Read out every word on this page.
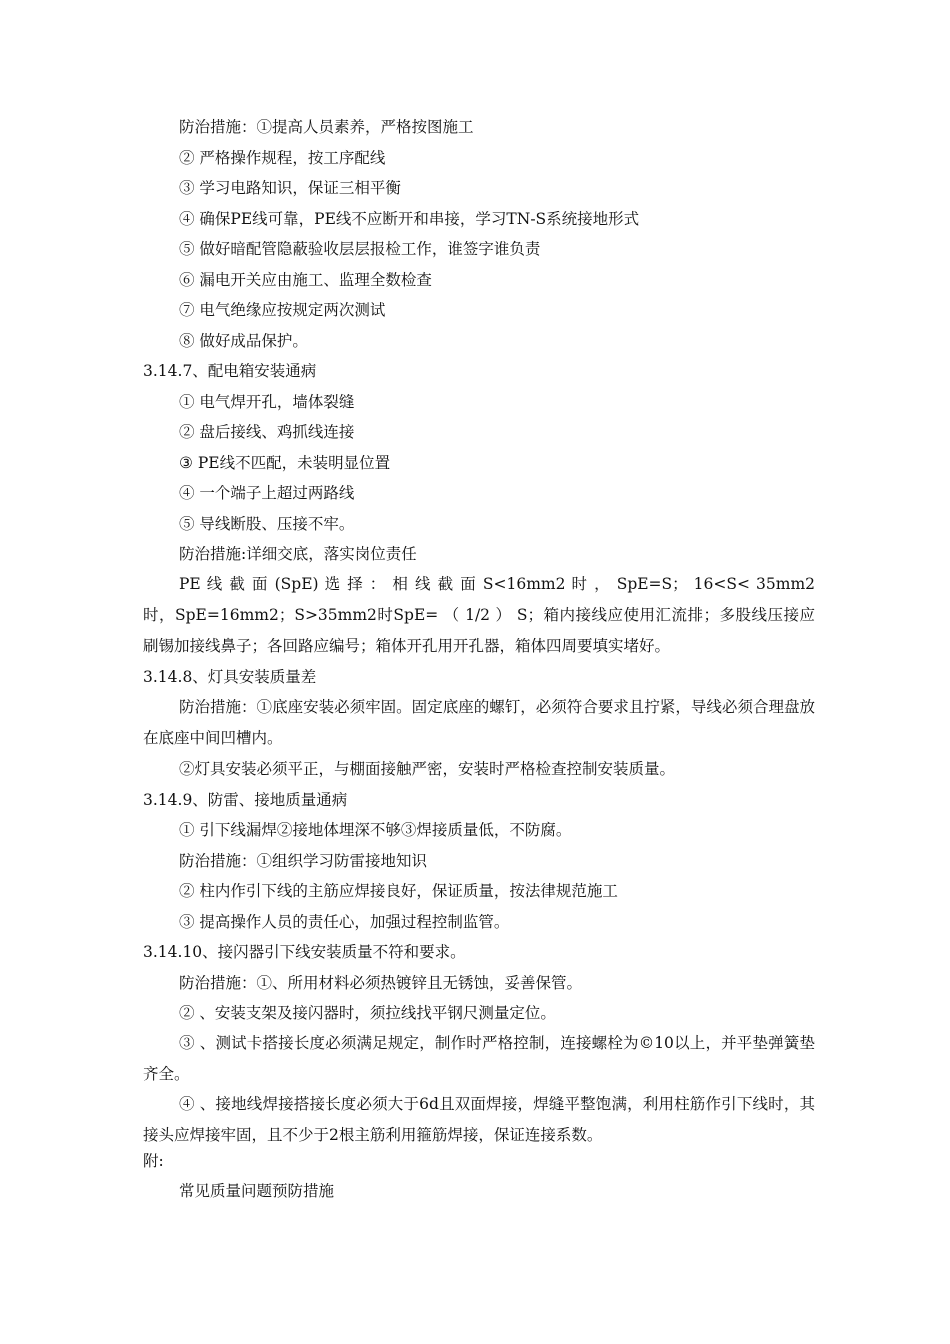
防治措施：①提高人员素养，严格按图施工
② 严格操作规程，按工序配线
③ 学习电路知识，保证三相平衡
④ 确保PE线可靠，PE线不应断开和串接，学习TN-S系统接地形式
⑤ 做好暗配管隐蔽验收层层报检工作，谁签字谁负责
⑥ 漏电开关应由施工、监理全数检查
⑦ 电气绝缘应按规定两次测试
⑧ 做好成品保护。
3.14.7、配电箱安装通病
① 电气焊开孔，墙体裂缝
② 盘后接线、鸡抓线连接
③ PE线不匹配，未装明显位置
④ 一个端子上超过两路线
⑤ 导线断股、压接不牢。
防治措施:详细交底，落实岗位责任
PE 线 截 面 (SpE) 选 择 ： 相 线 截 面 S<16mm2 时 ， SpE=S； 16<S< 35mm2 时，SpE=16mm2；S>35mm2时SpE= （ 1/2 ） S；箱内接线应使用汇流排；多股线压接应刷锡加接线鼻子；各回路应编号；箱体开孔用开孔器，箱体四周要填实堵好。
3.14.8、灯具安装质量差
防治措施：①底座安装必须牢固。固定底座的螺钉，必须符合要求且拧紧，导线必须合理盘放在底座中间凹槽内。
②灯具安装必须平正，与棚面接触严密，安装时严格检查控制安装质量。
3.14.9、防雷、接地质量通病
① 引下线漏焊②接地体埋深不够③焊接质量低，不防腐。
防治措施：①组织学习防雷接地知识
② 柱内作引下线的主筋应焊接良好，保证质量，按法律规范施工
③ 提高操作人员的责任心，加强过程控制监管。
3.14.10、接闪器引下线安装质量不符和要求。
防治措施：①、所用材料必须热镀锌且无锈蚀，妥善保管。
② 、安装支架及接闪器时，须拉线找平钢尺测量定位。
③ 、测试卡搭接长度必须满足规定，制作时严格控制，连接螺栓为©10以上，并平垫弹簧垫齐全。
④ 、接地线焊接搭接长度必须大于6d且双面焊接，焊缝平整饱满，利用柱筋作引下线时，其接头应焊接牢固，且不少于2根主筋利用箍筋焊接，保证连接系数。
附:
常见质量问题预防措施
